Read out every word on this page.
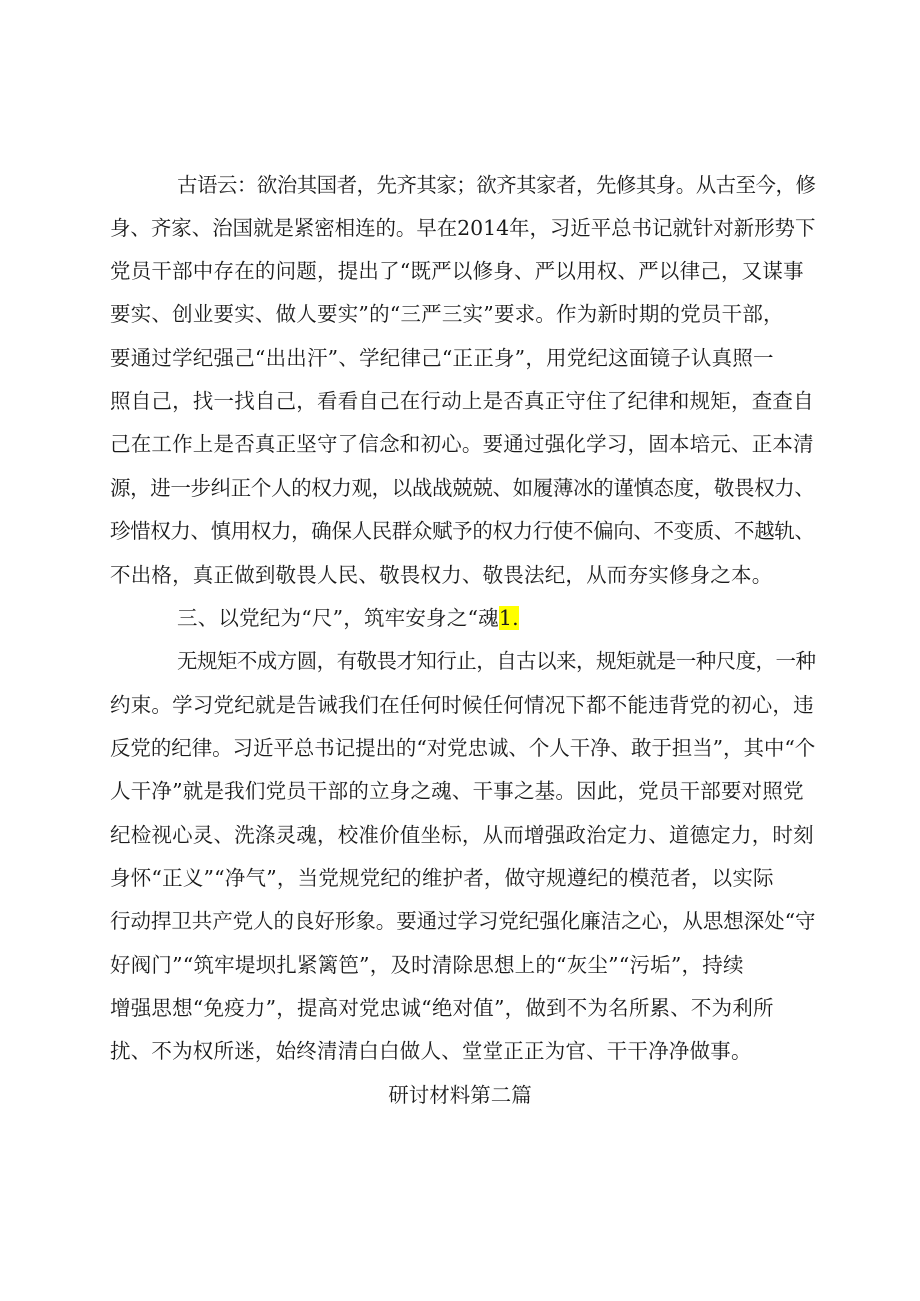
古语云：欲治其国者，先齐其家；欲齐其家者，先修其身。从古至今，修
身、齐家、治国就是紧密相连的。早在2014年，习近平总书记就针对新形势下
党员干部中存在的问题，提出了“既严以修身、严以用权、严以律己，又谋事
要实、创业要实、做人要实”的“三严三实”要求。作为新时期的党员干部，
要通过学纪强己“出出汗”、学纪律己“正正身”，用党纪这面镜子认真照一
照自己，找一找自己，看看自己在行动上是否真正守住了纪律和规矩，查查自
己在工作上是否真正坚守了信念和初心。要通过强化学习，固本培元、正本清
源，进一步纠正个人的权力观，以战战兢兢、如履薄冰的谨慎态度，敬畏权力、
珍惜权力、慎用权力，确保人民群众赋予的权力行使不偏向、不变质、不越轨、
不出格，真正做到敬畏人民、敬畏权力、敬畏法纪，从而夯实修身之本。
三、以党纪为“尺”，筑牢安身之“魂1.
无规矩不成方圆，有敬畏才知行止，自古以来，规矩就是一种尺度，一种
约束。学习党纪就是告诫我们在任何时候任何情况下都不能违背党的初心，违
反党的纪律。习近平总书记提出的“对党忠诚、个人干净、敢于担当”，其中“个
人干净”就是我们党员干部的立身之魂、干事之基。因此，党员干部要对照党
纪检视心灵、洗涤灵魂，校准价值坐标，从而增强政治定力、道德定力，时刻
身怀“正义”“净气”，当党规党纪的维护者，做守规遵纪的模范者，以实际
行动捍卫共产党人的良好形象。要通过学习党纪强化廉洁之心，从思想深处“守
好阀门”“筑牢堤坝扎紧篱笆”，及时清除思想上的“灰尘”“污垢”，持续
增强思想“免疫力”，提高对党忠诚“绝对值”，做到不为名所累、不为利所
扰、不为权所迷，始终清清白白做人、堂堂正正为官、干干净净做事。
研讨材料第二篇
